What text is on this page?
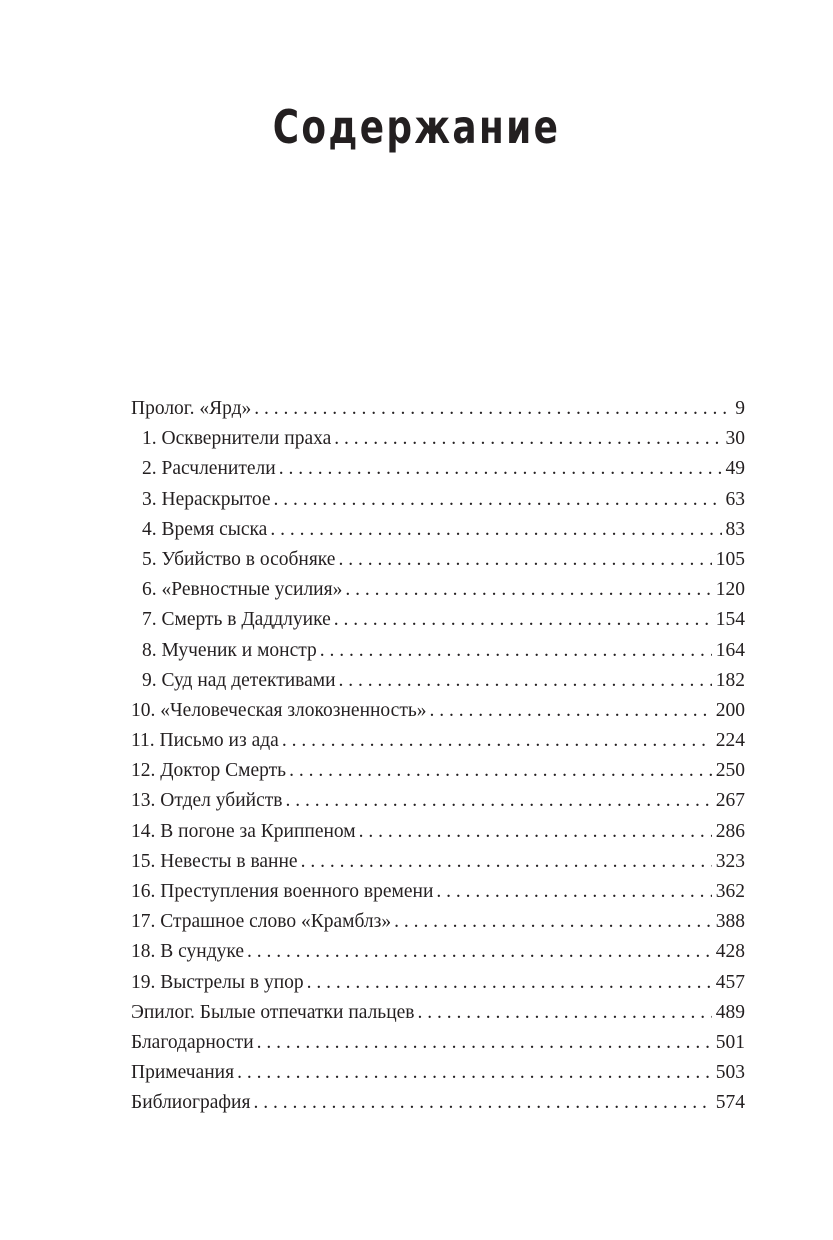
Содержание
Пролог. «Ярд» . . .	9
1. Осквернители праха . . .	30
2. Расчленители . . .	49
3. Нераскрытое . . .	63
4. Время сыска . . .	83
5. Убийство в особняке . . .	105
6. «Ревностные усилия» . . .	120
7. Смерть в Даддлуике . . .	154
8. Мученик и монстр . . .	164
9. Суд над детективами . . .	182
10. «Человеческая злокозненность» . . .	200
11. Письмо из ада . . .	224
12. Доктор Смерть . . .	250
13. Отдел убийств . . .	267
14. В погоне за Криппеном . . .	286
15. Невесты в ванне . . .	323
16. Преступления военного времени . . .	362
17. Страшное слово «Крамблз» . . .	388
18. В сундуке . . .	428
19. Выстрелы в упор . . .	457
Эпилог. Былые отпечатки пальцев . . .	489
Благодарности . . .	501
Примечания . . .	503
Библиография . . .	574
